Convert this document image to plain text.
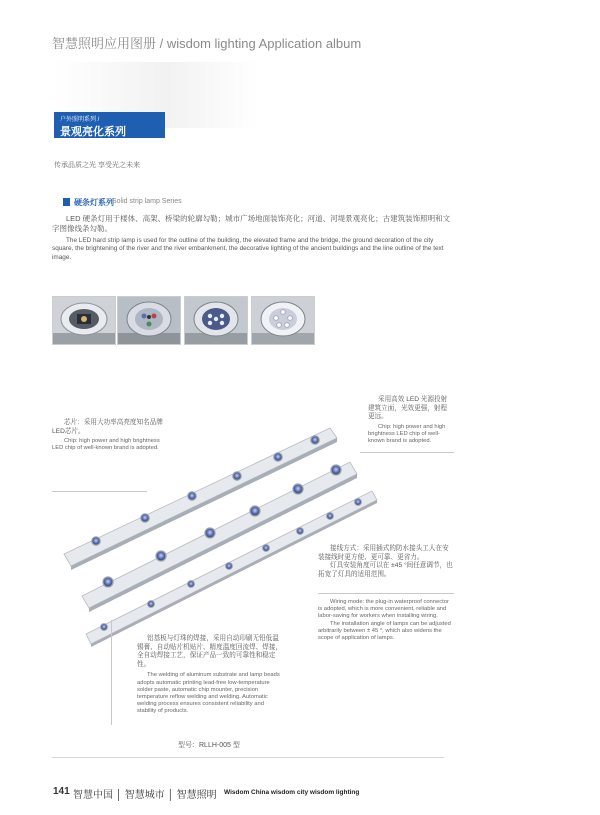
智慧照明应用图册 / wisdom lighting Application album
户外照明系列 /
景观亮化系列
传承品质之光 享受光之未来
硬条灯系列
Solid strip lamp Series
LED 硬条灯用于楼体、高架、桥梁的轮廓勾勒；城市广场地面装饰亮化；河道、河堤景观亮化；古建筑装饰照明和文字图像线条勾勒。
The LED hard strip lamp is used for the outline of the building, the elevated frame and the bridge, the ground decoration of the city square, the brightening of the river and the river embankment, the decorative lighting of the ancient buildings and the line outline of the text image.
芯片：采用大功率高亮度知名品牌 LED芯片。
Chip: high power and high brightness LED chip of well-known brand is adopted.
采用高效 LED 光源投射建筑立面，光效更强，射程更远。
Chip: high power and high brightness LED chip of well-known brand is adopted.
接线方式：采用插式的防水接头工人在安装接线时更方便、更可靠、更省力。
灯具安装角度可以在 ±45 °间任意调节，也拓宽了灯具的适用范围。
Wiring mode: the plug-in waterproof connector is adopted, which is more convenient, reliable and labor-saving for workers when installing wiring.
The installation angle of lamps can be adjusted arbitrarily between ± 45 °, which also widens the scope of application of lamps.
铝基板与灯珠的焊接，采用自动印刷无铅低温锡膏、自动贴片机贴片、精度温度回流焊、焊接，全自动焊接工艺，保证产品一致的可靠性和稳定性。
The welding of aluminum substrate and lamp beads adopts automatic printing lead-free low-temperature solder paste, automatic chip mounter, precision temperature reflow welding and welding. Automatic welding process ensures consistent reliability and stability of products.
型号：RLLH-005 型
141 智慧中国 │ 智慧城市 │ 智慧照明 Wisdom China wisdom city wisdom lighting
